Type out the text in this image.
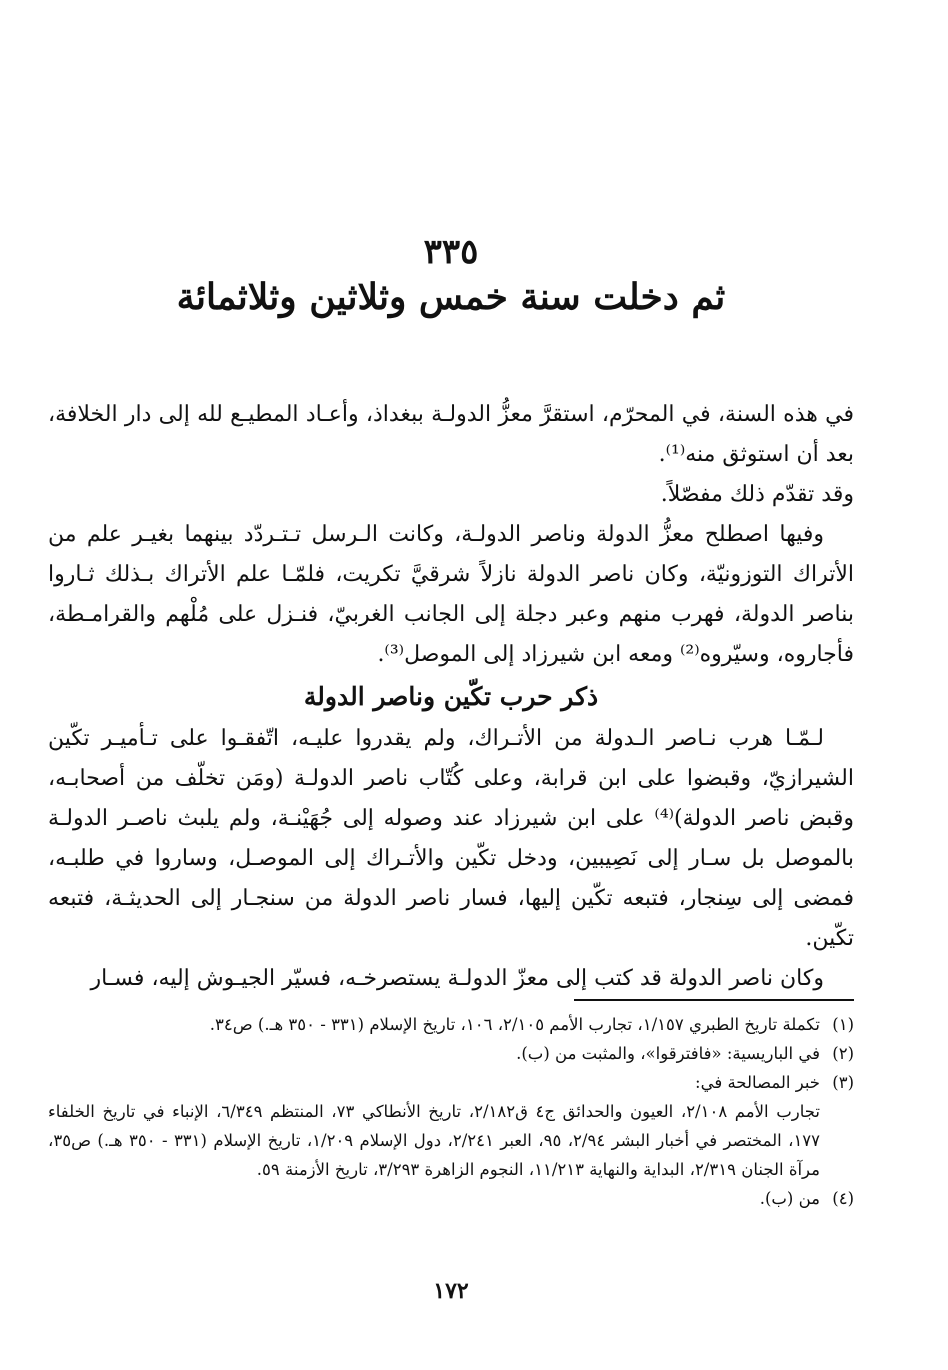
٣٣٥
ثم دخلت سنة خمس وثلاثين وثلاثمائة

في هذه السنة، في المحرّم، استقرَّ معزُّ الدولـة ببغداذ، وأعـاد المطيـع لله إلى دار الخلافة، بعد أن استوثق منه⁽¹⁾.

وقد تقدّم ذلك مفصّلاً.

وفيها اصطلح معزُّ الدولة وناصر الدولـة، وكانت الـرسل تـتـردّد بينهما بغيـر علم من الأتراك التوزونيّة، وكان ناصر الدولة نازلاً شرقيَّ تكريت، فلمّـا علم الأتراك بـذلك ثـاروا بناصر الدولة، فهرب منهم وعبر دجلة إلى الجانب الغربيّ، فنـزل على مُلْهم والقرامـطة، فأجاروه، وسيّروه⁽²⁾ ومعه ابن شيرزاد إلى الموصل⁽³⁾.

ذكر حرب تكّين وناصر الدولة

لـمّـا هرب نـاصر الـدولة من الأتـراك، ولم يقدروا عليـه، اتّفقـوا على تـأميـر تكّين الشيرازيّ، وقبضوا على ابن قرابة، وعلى كُتّاب ناصر الدولـة (ومَن تخلّف من أصحابـه، وقبض ناصر الدولة)⁽⁴⁾ على ابن شيرزاد عند وصوله إلى جُهَيْنـة، ولم يلبث ناصـر الدولـة بالموصل بل سـار إلى نَصِيبين، ودخل تكّين والأتـراك إلى الموصـل، وساروا في طلبـه، فمضى إلى سِنجار، فتبعه تكّين إليها، فسار ناصر الدولة من سنجـار إلى الحديثـة، فتبعه تكّين.

وكان ناصر الدولة قد كتب إلى معزّ الدولـة يستصرخـه، فسيّر الجيـوش إليه، فسـار

(١)
تكملة تاريخ الطبري ١/١٥٧، تجارب الأمم ٢/١٠٥، ١٠٦، تاريخ الإسلام (٣٣١ - ٣٥٠ هـ.) ص٣٤.
(٢)
في الباريسية: «فافترقوا»، والمثبت من (ب).
(٣)
خبر المصالحة في:

تجارب الأمم ٢/١٠٨، العيون والحدائق ج٤ ق٢/١٨٢، تاريخ الأنطاكي ٧٣، المنتظم ٦/٣٤٩، الإنباء في تاريخ الخلفاء ١٧٧، المختصر في أخبار البشر ٢/٩٤، ٩٥، العبر ٢/٢٤١، دول الإسلام ١/٢٠٩، تاريخ الإسلام (٣٣١ - ٣٥٠ هـ.) ص٣٥، مرآة الجنان ٢/٣١٩، البداية والنهاية ١١/٢١٣، النجوم الزاهرة ٣/٢٩٣، تاريخ الأزمنة ٥٩.

(٤)
من (ب).
١٧٢
